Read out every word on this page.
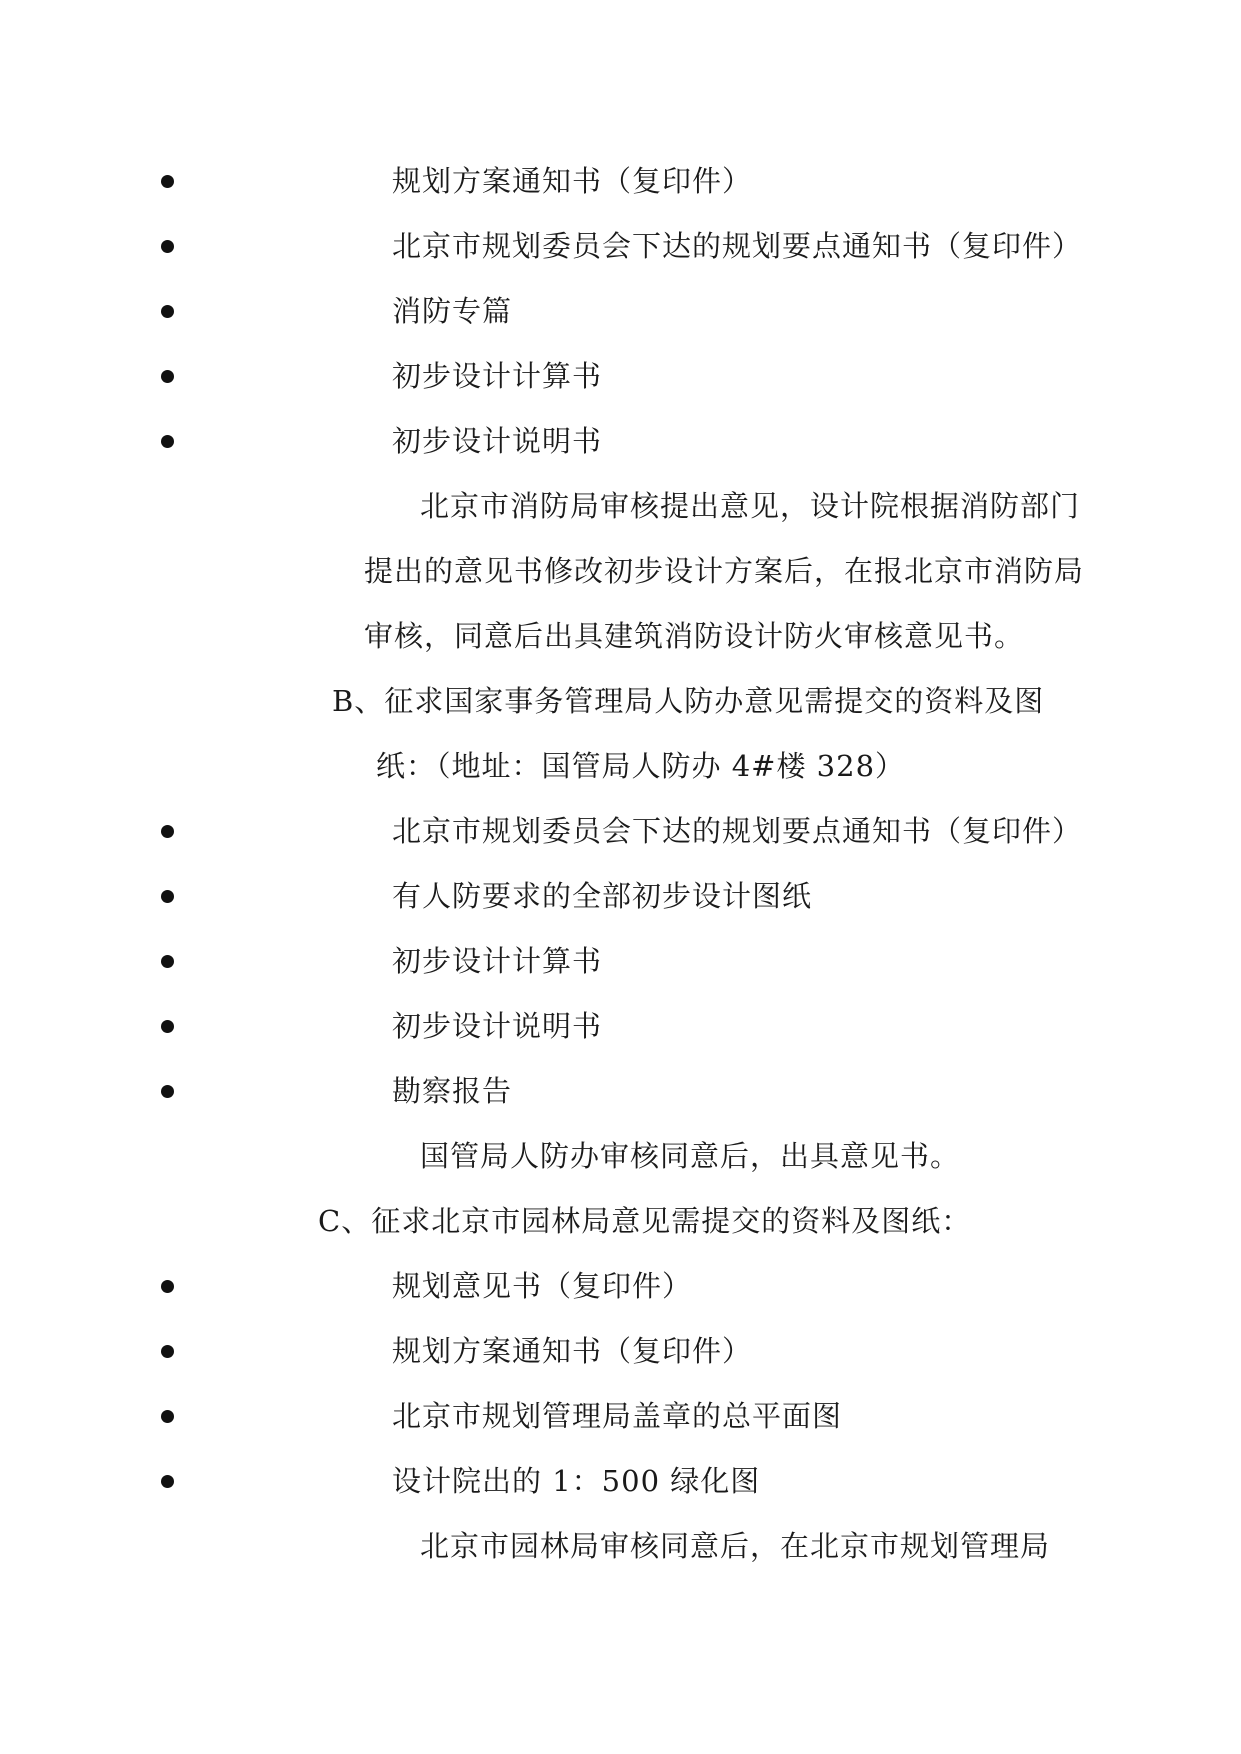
规划方案通知书（复印件）
北京市规划委员会下达的规划要点通知书（复印件）
消防专篇
初步设计计算书
初步设计说明书
北京市消防局审核提出意见，设计院根据消防部门
提出的意见书修改初步设计方案后，在报北京市消防局
审核，同意后出具建筑消防设计防火审核意见书。
B、征求国家事务管理局人防办意见需提交的资料及图
纸：（地址：国管局人防办 4#楼 328）
北京市规划委员会下达的规划要点通知书（复印件）
有人防要求的全部初步设计图纸
初步设计计算书
初步设计说明书
勘察报告
国管局人防办审核同意后，出具意见书。
C、征求北京市园林局意见需提交的资料及图纸：
规划意见书（复印件）
规划方案通知书（复印件）
北京市规划管理局盖章的总平面图
设计院出的 1：500 绿化图
北京市园林局审核同意后，在北京市规划管理局
